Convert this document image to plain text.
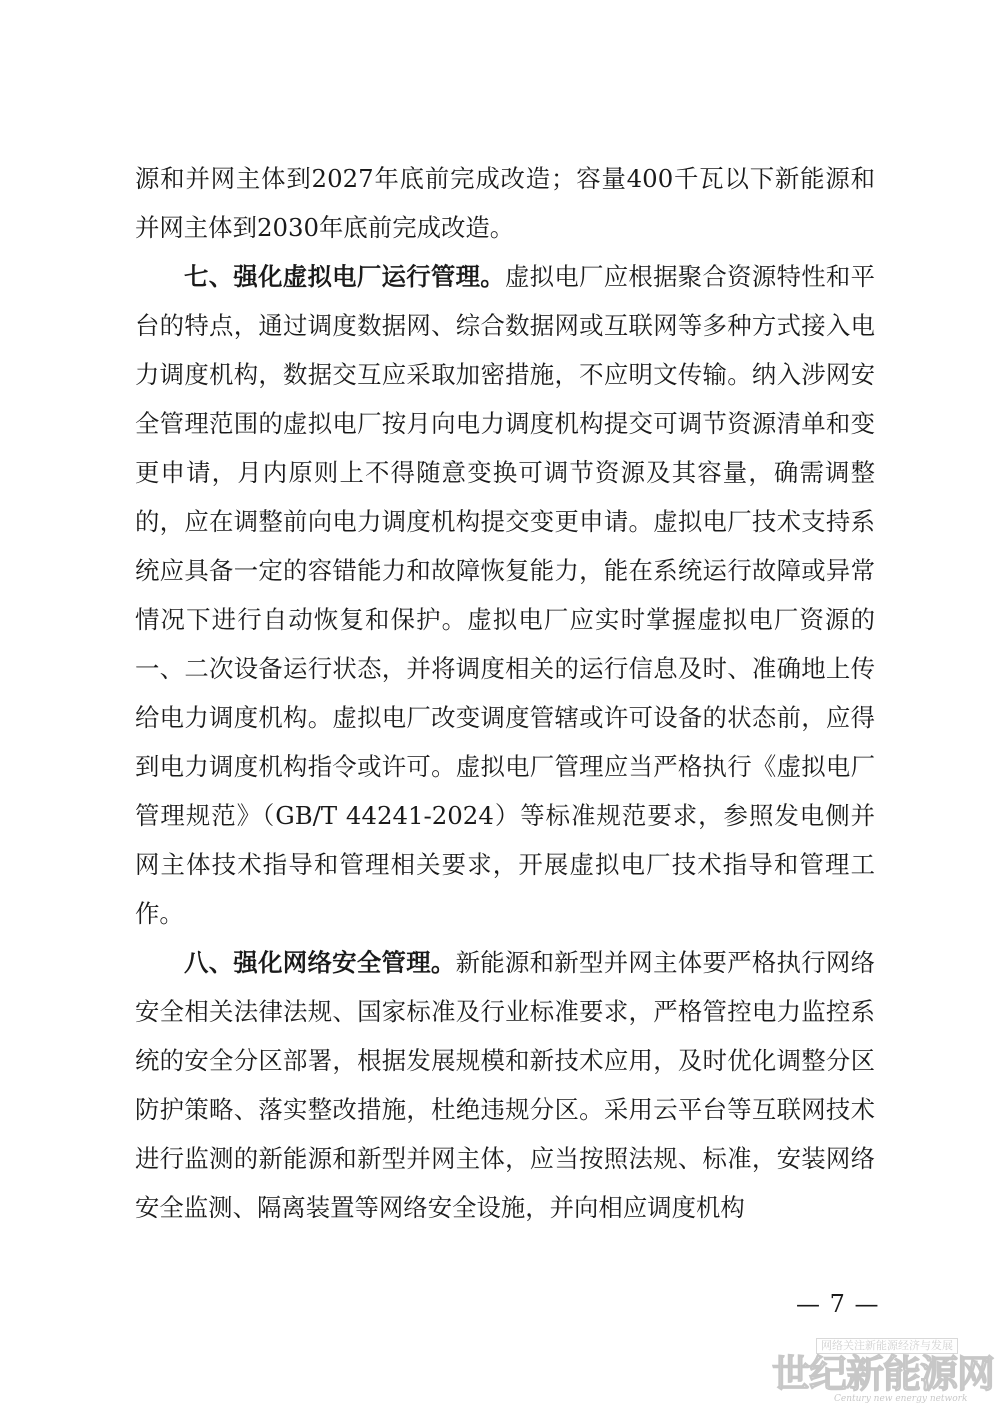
源和并网主体到2027年底前完成改造；容量400千瓦以下新能源和并网主体到2030年底前完成改造。

七、强化虚拟电厂运行管理。虚拟电厂应根据聚合资源特性和平台的特点，通过调度数据网、综合数据网或互联网等多种方式接入电力调度机构，数据交互应采取加密措施，不应明文传输。纳入涉网安全管理范围的虚拟电厂按月向电力调度机构提交可调节资源清单和变更申请，月内原则上不得随意变换可调节资源及其容量，确需调整的，应在调整前向电力调度机构提交变更申请。虚拟电厂技术支持系统应具备一定的容错能力和故障恢复能力，能在系统运行故障或异常情况下进行自动恢复和保护。虚拟电厂应实时掌握虚拟电厂资源的一、二次设备运行状态，并将调度相关的运行信息及时、准确地上传给电力调度机构。虚拟电厂改变调度管辖或许可设备的状态前，应得到电力调度机构指令或许可。虚拟电厂管理应当严格执行《虚拟电厂管理规范》（GB/T 44241-2024）等标准规范要求，参照发电侧并网主体技术指导和管理相关要求，开展虚拟电厂技术指导和管理工作。

八、强化网络安全管理。新能源和新型并网主体要严格执行网络安全相关法律法规、国家标准及行业标准要求，严格管控电力监控系统的安全分区部署，根据发展规模和新技术应用，及时优化调整分区防护策略、落实整改措施，杜绝违规分区。采用云平台等互联网技术进行监测的新能源和新型并网主体，应当按照法规、标准，安装网络安全监测、隔离装置等网络安全设施，并向相应调度机构

— 7 —
网络关注新能源经济与发展
世纪新能源网
Century new energy network
